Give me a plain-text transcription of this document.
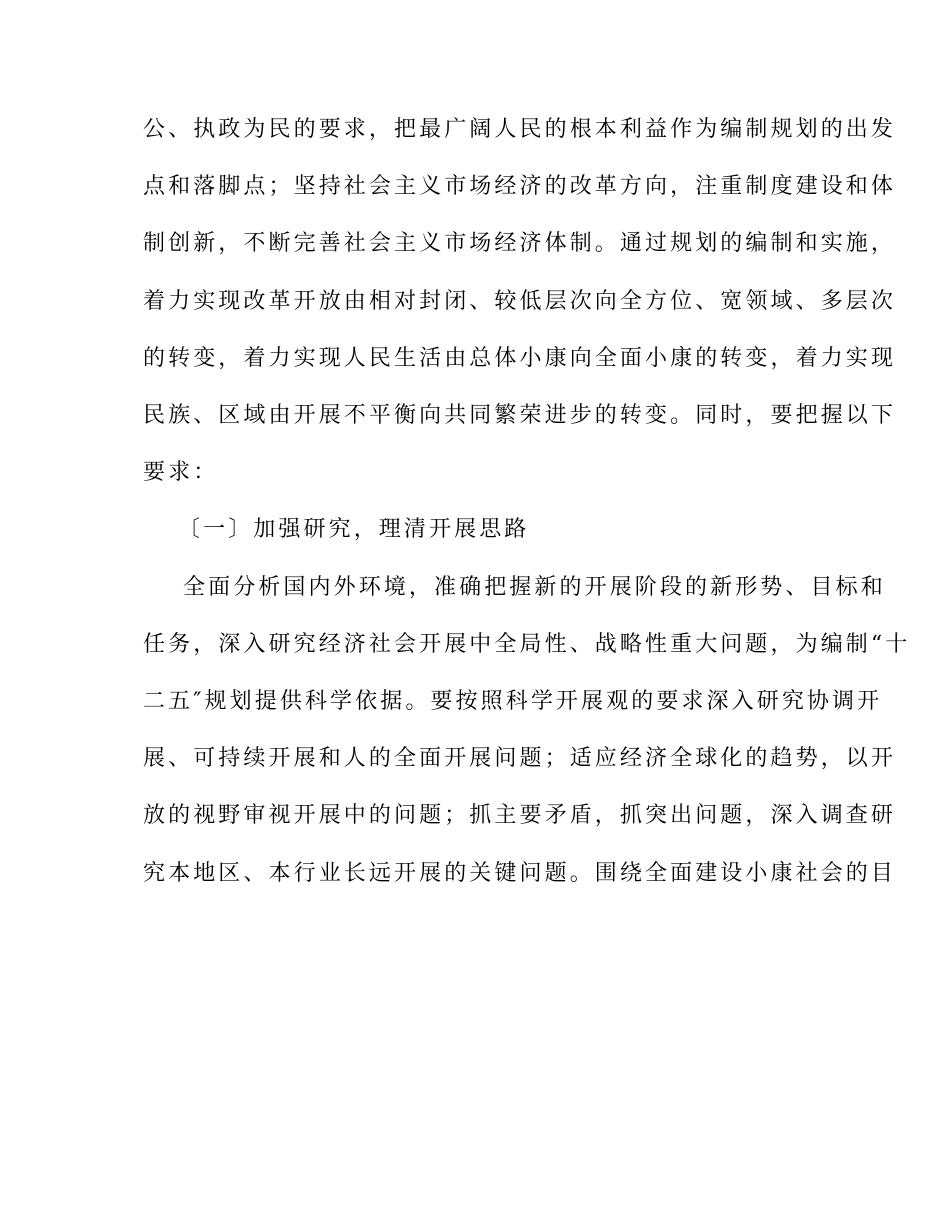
公、执政为民的要求，把最广阔人民的根本利益作为编制规划的出发
点和落脚点；坚持社会主义市场经济的改革方向，注重制度建设和体
制创新，不断完善社会主义市场经济体制。通过规划的编制和实施，
着力实现改革开放由相对封闭、较低层次向全方位、宽领域、多层次
的转变，着力实现人民生活由总体小康向全面小康的转变，着力实现
民族、区域由开展不平衡向共同繁荣进步的转变。同时，要把握以下
要求：
〔一〕加强研究，理清开展思路
全面分析国内外环境，准确把握新的开展阶段的新形势、目标和
任务，深入研究经济社会开展中全局性、战略性重大问题，为编制“十
二五″规划提供科学依据。要按照科学开展观的要求深入研究协调开
展、可持续开展和人的全面开展问题；适应经济全球化的趋势，以开
放的视野审视开展中的问题；抓主要矛盾，抓突出问题，深入调查研
究本地区、本行业长远开展的关键问题。围绕全面建设小康社会的目
